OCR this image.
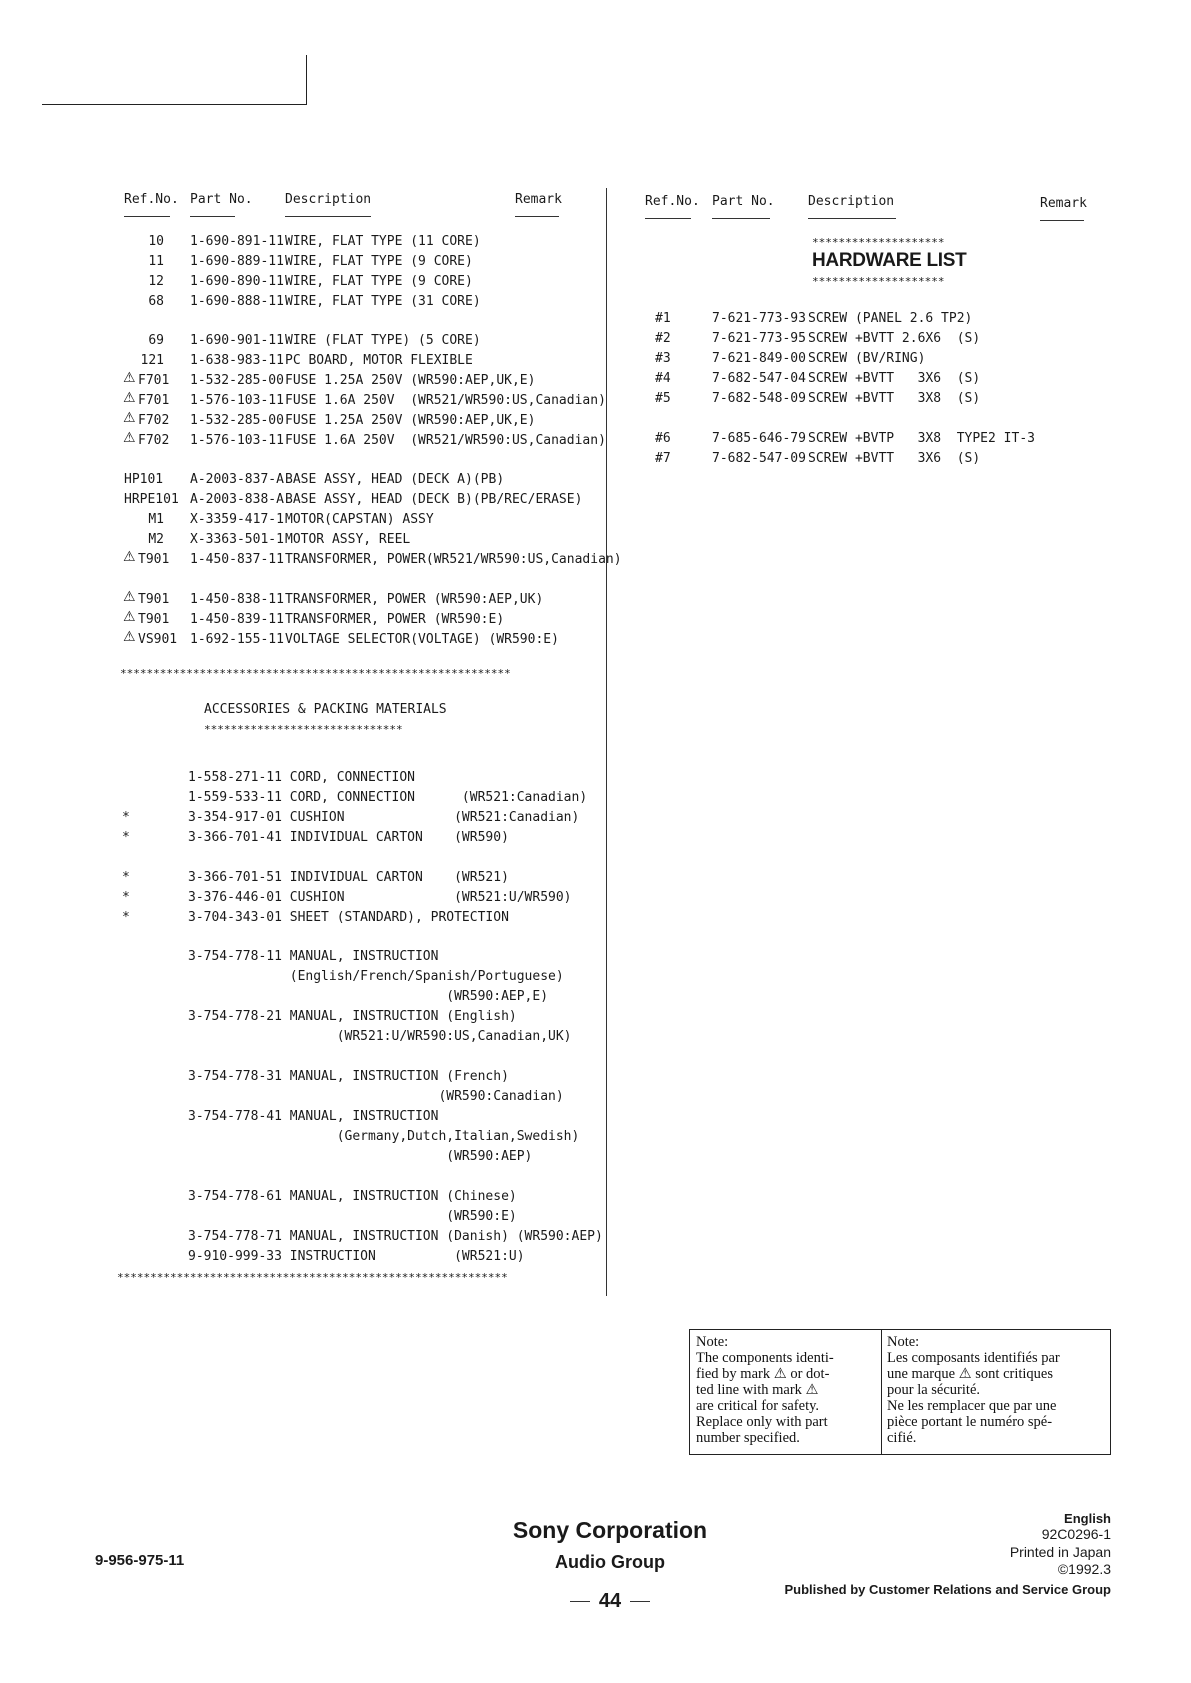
Ref.No. Part No. Description	Remark
10 1-690-891-11 WIRE, FLAT TYPE (11 CORE)
11 1-690-889-11 WIRE, FLAT TYPE (9 CORE)
12 1-690-890-11 WIRE, FLAT TYPE (9 CORE)
68 1-690-888-11 WIRE, FLAT TYPE (31 CORE)
69 1-690-901-11 WIRE (FLAT TYPE) (5 CORE)
121 1-638-983-11 PC BOARD, MOTOR FLEXIBLE
⚠ F701 1-532-285-00 FUSE 1.25A 250V (WR590:AEP,UK,E)
⚠ F701 1-576-103-11 FUSE 1.6A 250V  (WR521/WR590:US,Canadian)
⚠ F702 1-532-285-00 FUSE 1.25A 250V (WR590:AEP,UK,E)
⚠ F702 1-576-103-11 FUSE 1.6A 250V  (WR521/WR590:US,Canadian)
HP101 A-2003-837-A BASE ASSY, HEAD (DECK A)(PB)
HRPE101 A-2003-838-A BASE ASSY, HEAD (DECK B)(PB/REC/ERASE)
M1 X-3359-417-1 MOTOR(CAPSTAN) ASSY
M2 X-3363-501-1 MOTOR ASSY, REEL
⚠ T901 1-450-837-11 TRANSFORMER, POWER(WR521/WR590:US,Canadian)
⚠ T901 1-450-838-11 TRANSFORMER, POWER (WR590:AEP,UK)
⚠ T901 1-450-839-11 TRANSFORMER, POWER (WR590:E)
⚠ VS901 1-692-155-11 VOLTAGE SELECTOR(VOLTAGE) (WR590:E)
***********************************************************
ACCESSORIES & PACKING MATERIALS
******************************
1-558-271-11 CORD, CONNECTION
1-559-533-11 CORD, CONNECTION      (WR521:Canadian)
*	3-354-917-01 CUSHION              (WR521:Canadian)
*	3-366-701-41 INDIVIDUAL CARTON    (WR590)
*	3-366-701-51 INDIVIDUAL CARTON    (WR521)
*	3-376-446-01 CUSHION              (WR521:U/WR590)
*	3-704-343-01 SHEET (STANDARD), PROTECTION
3-754-778-11 MANUAL, INSTRUCTION
(English/French/Spanish/Portuguese)
(WR590:AEP,E)
3-754-778-21 MANUAL, INSTRUCTION (English)
(WR521:U/WR590:US,Canadian,UK)
3-754-778-31 MANUAL, INSTRUCTION (French)
(WR590:Canadian)
3-754-778-41 MANUAL, INSTRUCTION
(Germany,Dutch,Italian,Swedish)
(WR590:AEP)
3-754-778-61 MANUAL, INSTRUCTION (Chinese)
(WR590:E)
3-754-778-71 MANUAL, INSTRUCTION (Danish) (WR590:AEP)
9-910-999-33 INSTRUCTION          (WR521:U)
***********************************************************
Ref.No. Part No.	Description	Remark
********************
HARDWARE LIST
********************
#1	7-621-773-93 SCREW (PANEL 2.6 TP2)
#2	7-621-773-95 SCREW +BVTT 2.6X6  (S)
#3	7-621-849-00 SCREW (BV/RING)
#4	7-682-547-04 SCREW +BVTT   3X6  (S)
#5	7-682-548-09 SCREW +BVTT   3X8  (S)
#6	7-685-646-79 SCREW +BVTP   3X8  TYPE2 IT-3
#7	7-682-547-09 SCREW +BVTT   3X6  (S)
Note:
The components identi-
fied by mark ⚠ or dot-
ted line with mark ⚠
are critical for safety.
Replace only with part
number specified.
Note:
Les composants identifiés par
une marque ⚠ sont critiques
pour la sécurité.
Ne les remplacer que par une
pièce portant le numéro spé-
cifié.
9-956-975-11
Sony Corporation
Audio Group
44
English
92C0296-1
Printed in Japan
©1992.3
Published by Customer Relations and Service Group
